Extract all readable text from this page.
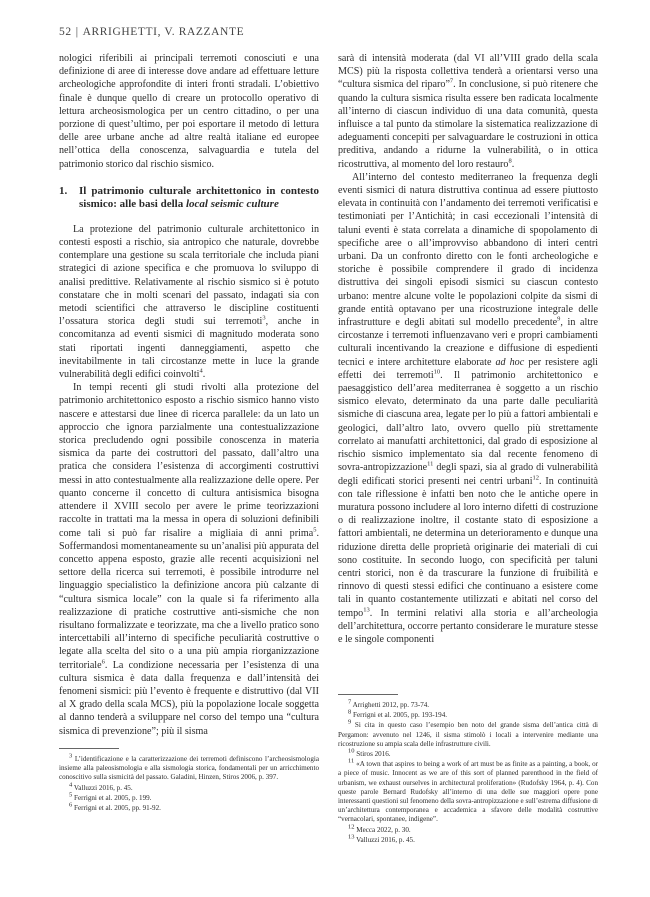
52 | ARRIGHETTI, V. RAZZANTE

nologici riferibili ai principali terremoti conosciuti e una definizione di aree di interesse dove andare ad effettuare letture archeologiche approfondite di interi fronti stradali. L’obiettivo finale è dunque quello di creare un protocollo operativo di lettura archeosismologica per un centro cittadino, o per una porzione di quest’ultimo, per poi esportare il metodo di lettura delle aree urbane anche ad altre realtà italiane ed europee nell’ottica della conoscenza, salvaguardia e tutela del patrimonio storico dal rischio sismico.

1.	Il patrimonio culturale architettonico in contesto sismico: alle basi della local seismic culture

La protezione del patrimonio culturale architettonico in contesti esposti a rischio, sia antropico che naturale, dovrebbe contemplare una gestione su scala territoriale che includa piani strategici di azione specifica e che promuova lo sviluppo di analisi predittive. Relativamente al rischio sismico si è potuto constatare che in molti scenari del passato, indagati sia con metodi scientifici che attraverso le discipline costituenti l’ossatura storica degli studi sui terremoti$^3$, anche in concomitanza ad eventi sismici di magnitudo moderata sono stati riportati ingenti danneggiamenti, aspetto che inevitabilmente in tali circostanze mette in luce la grande vulnerabilità degli edifici coinvolti$^4$.

In tempi recenti gli studi rivolti alla protezione del patrimonio architettonico esposto a rischio sismico hanno visto nascere e attestarsi due linee di ricerca parallele: da un lato un approccio che ignora parzialmente una contestualizzazione storica precludendo ogni possibile conoscenza in materia sismica da parte dei costruttori del passato, dall’altro una pratica che considera l’esistenza di accorgimenti costruttivi messi in atto contestualmente alla realizzazione delle opere. Per quanto concerne il concetto di cultura antisismica bisogna attendere il XVIII secolo per avere le prime teorizzazioni raccolte in trattati ma la messa in opera di soluzioni definibili come tali si può far risalire a migliaia di anni prima$^5$. Soffermandosi momentaneamente su un’analisi più appurata del concetto appena esposto, grazie alle recenti acquisizioni nel settore della ricerca sui terremoti, è possibile introdurre nel linguaggio specialistico la definizione ancora più calzante di “cultura sismica locale” con la quale si fa riferimento alla realizzazione di pratiche costruttive anti-sismiche che non risultano formalizzate e teorizzate, ma che a livello pratico sono intercettabili all’interno di specifiche peculiarità costruttive o legate alla scelta del sito o a una più ampia riorganizzazione territoriale$^6$. La condizione necessaria per l’esistenza di una cultura sismica è data dalla frequenza e dall’intensità dei fenomeni sismici: più l’evento è frequente e distruttivo (dal VII al X grado della scala MCS), più la popolazione locale soggetta al danno tenderà a sviluppare nel corso del tempo una “cultura sismica di prevenzione”; più il sisma

sarà di intensità moderata (dal VI all’VIII grado della scala MCS) più la risposta collettiva tenderà a orientarsi verso una “cultura sismica del riparo”$^7$. In conclusione, si può ritenere che quando la cultura sismica risulta essere ben radicata localmente all’interno di ciascun individuo di una data comunità, questa influisce a tal punto da stimolare la sistematica realizzazione di adeguamenti concepiti per salvaguardare le costruzioni in ottica preditiva, andando a ridurne la vulnerabilità, o in ottica ricostruttiva, al momento del loro restauro$^8$.

All’interno del contesto mediterraneo la frequenza degli eventi sismici di natura distruttiva continua ad essere piuttosto elevata in continuità con l’andamento dei terremoti verificatisi e testimoniati per l’Antichità; in casi eccezionali l’intensità di taluni eventi è stata correlata a dinamiche di spopolamento di specifiche aree o all’improvviso abbandono di interi centri urbani. Da un confronto diretto con le fonti archeologiche e storiche è possibile comprendere il grado di incidenza distruttiva dei singoli episodi sismici su ciascun contesto urbano: mentre alcune volte le popolazioni colpite da sismi di grande entità optavano per una ricostruzione integrale delle infrastrutture e degli abitati sul modello precedente$^9$, in altre circostanze i terremoti influenzavano veri e propri cambiamenti culturali incentivando la creazione e diffusione di espedienti tecnici e intere architetture elaborate ad hoc per resistere agli effetti dei terremoti$^{10}$. Il patrimonio architettonico e paesaggistico dell’area mediterranea è soggetto a un rischio sismico elevato, determinato da una parte dalle peculiarità sismiche di ciascuna area, legate per lo più a fattori ambientali e geologici, dall’altro lato, ovvero quello più strettamente correlato ai manufatti architettonici, dal grado di esposizione al rischio sismico implementato sia dal recente fenomeno di sovra-antropizzazione$^{11}$ degli spazi, sia al grado di vulnerabilità degli edificati storici presenti nei centri urbani$^{12}$. In continuità con tale riflessione è infatti ben noto che le antiche opere in muratura possono includere al loro interno difetti di costruzione o di realizzazione inoltre, il costante stato di esposizione a fattori ambientali, ne determina un deterioramento e dunque una riduzione diretta delle proprietà originarie dei materiali di cui sono costituite. In secondo luogo, con specificità per taluni centri storici, non è da trascurare la funzione di fruibilità e rinnovo di questi stessi edifici che continuano a esistere come tali in quanto costantemente utilizzati e abitati nel corso del tempo$^{13}$. In termini relativi alla storia e all’archeologia dell’architettura, occorre pertanto considerare le murature stesse e le singole componenti

3 L’identificazione e la caratterizzazione dei terremoti definiscono l’archeosismologia insieme alla paleosismologia e alla sismologia storica, fondamentali per un arricchimento conoscitivo sulla sismicità del passato. Galadini, Hinzen, Stiros 2006, p. 397.
4 Valluzzi 2016, p. 45.
5 Ferrigni et al. 2005, p. 199.
6 Ferrigni et al. 2005, pp. 91-92.
7 Arrighetti 2012, pp. 73-74.
8 Ferrigni et al. 2005, pp. 193-194.
9 Si cita in questo caso l’esempio ben noto del grande sisma dell’antica città di Pergamon: avvenuto nel 1246, il sisma stimolò i locali a intervenire mediante una ricostruzione su ampia scala delle infrastrutture civili.
10 Stiros 2016.
11 «A town that aspires to being a work of art must be as finite as a painting, a book, or a piece of music. Innocent as we are of this sort of planned parenthood in the field of urbanism, we exhaust ourselves in architectural proliferation» (Rudofsky 1964, p. 4). Con queste parole Bernard Rudofsky all’interno di una delle sue maggiori opere pone interessanti questioni sul fenomeno della sovra-antropizzazione e sull’estrema diffusione di un’architettura contemporanea e accademica a sfavore delle modalità costruttive “vernacolari, spontanee, indigene”.
12 Mecca 2022, p. 30.
13 Valluzzi 2016, p. 45.
